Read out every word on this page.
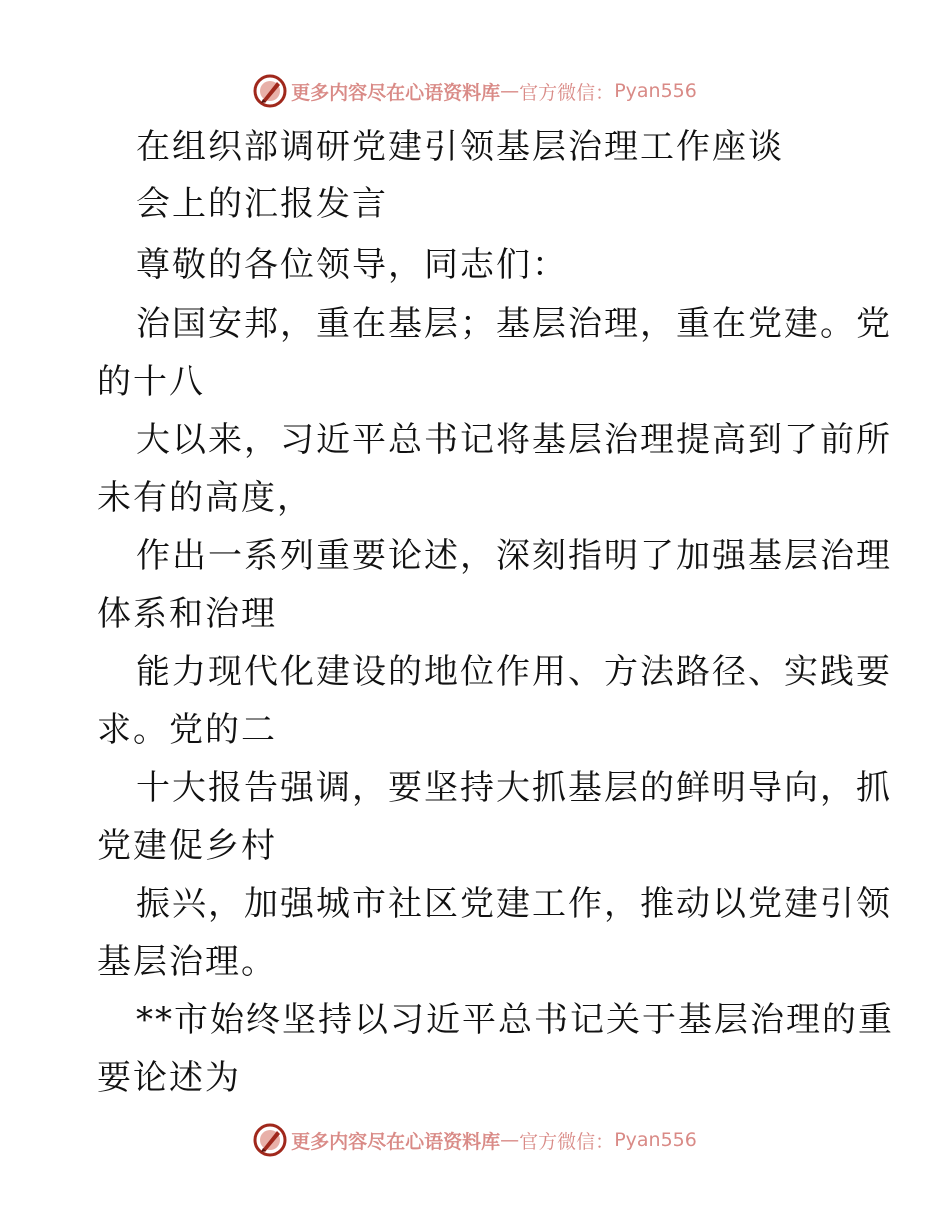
更多内容尽在心语资料库 — 官方微信： Pyan556
在组织部调研党建引领基层治理工作座谈
会上的汇报发言
尊敬的各位领导，同志们：
治国安邦，重在基层；基层治理，重在党建。党
的十八
大以来，习近平总书记将基层治理提高到了前所
未有的高度，
作出一系列重要论述，深刻指明了加强基层治理
体系和治理
能力现代化建设的地位作用、方法路径、实践要
求。党的二
十大报告强调，要坚持大抓基层的鲜明导向，抓
党建促乡村
振兴，加强城市社区党建工作，推动以党建引领
基层治理。
**市始终坚持以习近平总书记关于基层治理的重
要论述为
更多内容尽在心语资料库 — 官方微信： Pyan556
